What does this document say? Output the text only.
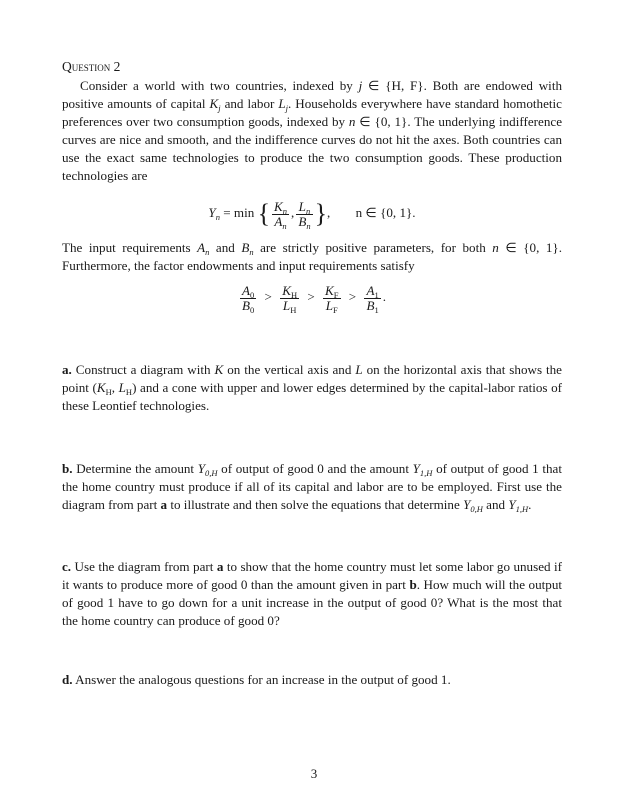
Question 2

Consider a world with two countries, indexed by j ∈ {H, F}. Both are endowed with positive amounts of capital $K_j$ and labor $L_j$. Households everywhere have standard homothetic preferences over two consumption goods, indexed by n ∈ {0, 1}. The underlying indifference curves are nice and smooth, and the indifference curves do not hit the axes. Both countries can use the exact same technologies to produce the two consumption goods. These production technologies are

$Y_n = \min$ { $\frac{K_n}{A_n}$ , $\frac{L_n}{B_n}$ }, n ∈ {0, 1}.

The input requirements $A_n$ and $B_n$ are strictly positive parameters, for both n ∈ {0, 1}. Furthermore, the factor endowments and input requirements satisfy

$\frac{A_0}{B_0} > \frac{K_H}{L_H} > \frac{K_F}{L_F} > \frac{A_1}{B_1}$ .

a. Construct a diagram with K on the vertical axis and L on the horizontal axis that shows the point ($K_H$, $L_H$) and a cone with upper and lower edges determined by the capital-labor ratios of these Leontief technologies.

b. Determine the amount $Y_{0,H}$ of output of good 0 and the amount $Y_{1,H}$ of output of good 1 that the home country must produce if all of its capital and labor are to be employed. First use the diagram from part a to illustrate and then solve the equations that determine $Y_{0,H}$ and $Y_{1,H}$.

c. Use the diagram from part a to show that the home country must let some labor go unused if it wants to produce more of good 0 than the amount given in part b. How much will the output of good 1 have to go down for a unit increase in the output of good 0? What is the most that the home country can produce of good 0?

d. Answer the analogous questions for an increase in the output of good 1.

3
